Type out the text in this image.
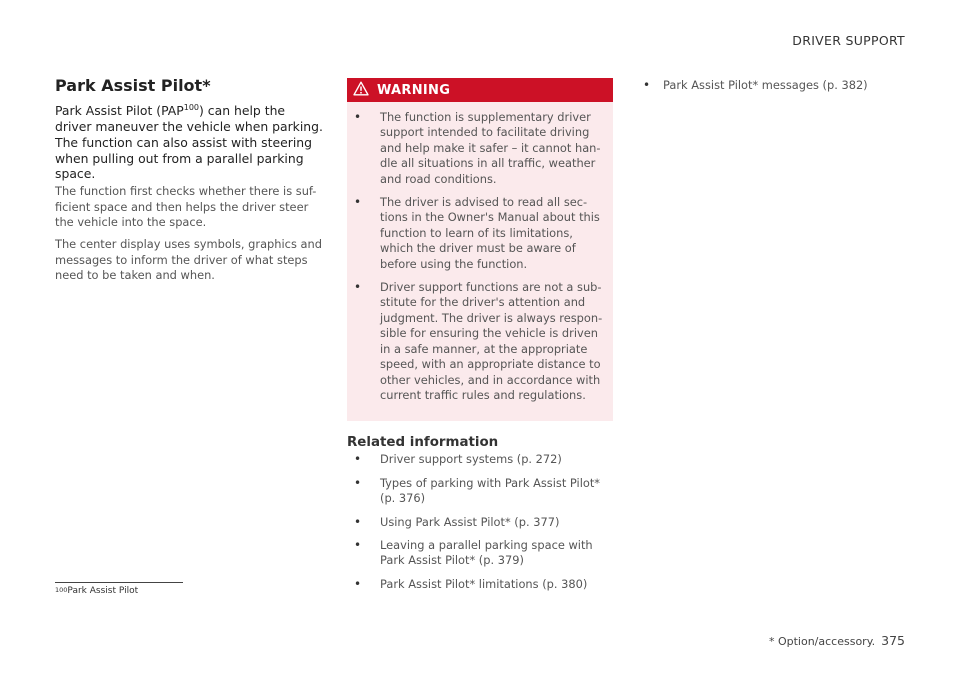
DRIVER SUPPORT
Park Assist Pilot*

Park Assist Pilot (PAP$^{100}$) can help the driver maneuver the vehicle when parking. The function can also assist with steering when pulling out from a parallel parking space.

The function first checks whether there is suf-ficient space and then helps the driver steer the vehicle into the space.

The center display uses symbols, graphics and messages to inform the driver of what steps need to be taken and when.

WARNING
• The function is supplementary driver support intended to facilitate driving and help make it safer – it cannot han-dle all situations in all traffic, weather and road conditions.
• The driver is advised to read all sec-tions in the Owner's Manual about this function to learn of its limitations, which the driver must be aware of before using the function.
• Driver support functions are not a sub-stitute for the driver's attention and judgment. The driver is always respon-sible for ensuring the vehicle is driven in a safe manner, at the appropriate speed, with an appropriate distance to other vehicles, and in accordance with current traffic rules and regulations.
Related information
• Driver support systems (p. 272)
• Types of parking with Park Assist Pilot* (p. 376)
• Using Park Assist Pilot* (p. 377)
• Leaving a parallel parking space with Park Assist Pilot* (p. 379)
• Park Assist Pilot* limitations (p. 380)
• Park Assist Pilot* messages (p. 382)
$^{100}$Park Assist Pilot
* Option/accessory. 375
